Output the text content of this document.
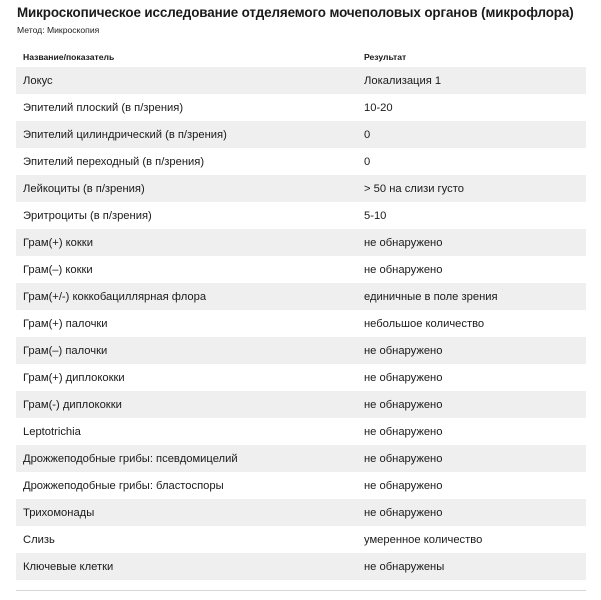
Микроскопическое исследование отделяемого мочеполовых органов (микрофлора)
Метод: Микроскопия
Название/показатель	Результат
Локус	Локализация 1
Эпителий плоский (в п/зрения)	10-20
Эпителий цилиндрический (в п/зрения)	0
Эпителий переходный (в п/зрения)	0
Лейкоциты (в п/зрения)	> 50 на слизи густо
Эритроциты (в п/зрения)	5-10
Грам(+) кокки	не обнаружено
Грам(–) кокки	не обнаружено
Грам(+/-) коккобациллярная флора	единичные в поле зрения
Грам(+) палочки	небольшое количество
Грам(–) палочки	не обнаружено
Грам(+) диплококки	не обнаружено
Грам(-) диплококки	не обнаружено
Leptotrichia	не обнаружено
Дрожжеподобные грибы: псевдомицелий	не обнаружено
Дрожжеподобные грибы: бластоспоры	не обнаружено
Трихомонады	не обнаружено
Слизь	умеренное количество
Ключевые клетки	не обнаружены
